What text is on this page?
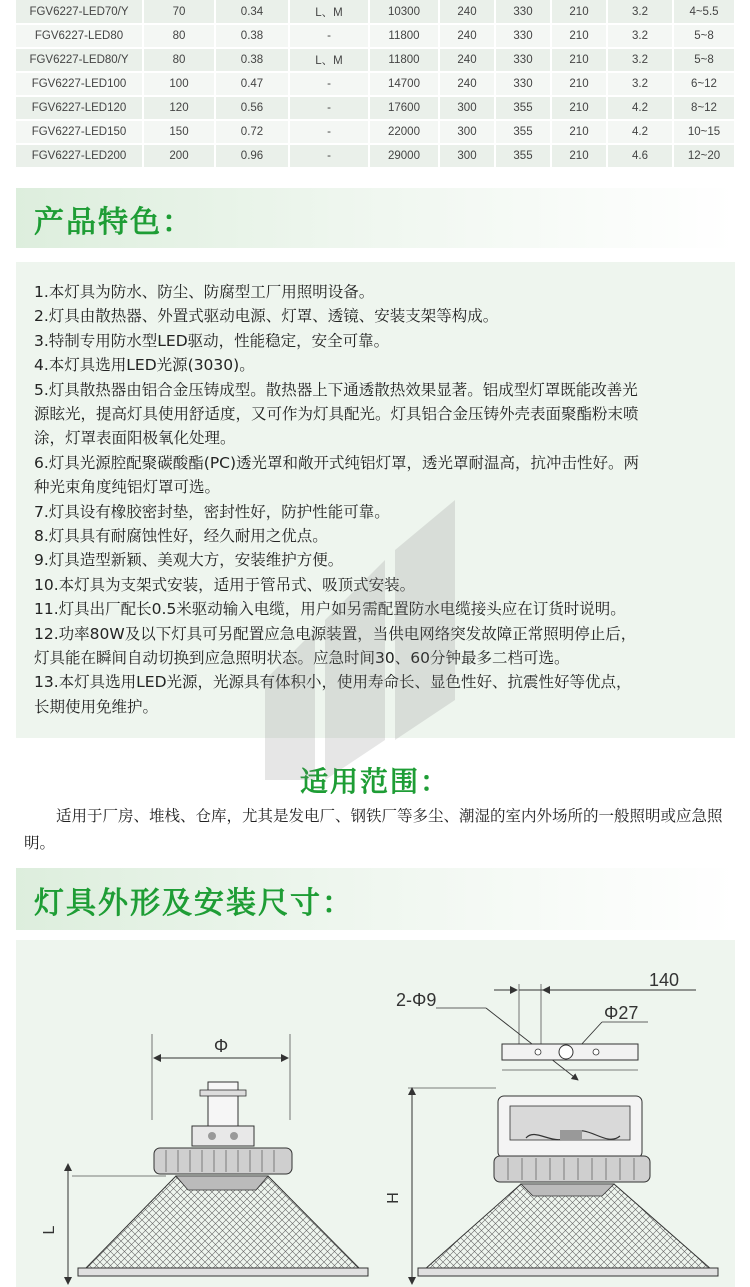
FGV6227-LED70/Y	70	0.34	L、M	10300	240	330	210	3.2	4~5.5
FGV6227-LED80	80	0.38	-	11800	240	330	210	3.2	5~8
FGV6227-LED80/Y	80	0.38	L、M	11800	240	330	210	3.2	5~8
FGV6227-LED100	100	0.47	-	14700	240	330	210	3.2	6~12
FGV6227-LED120	120	0.56	-	17600	300	355	210	4.2	8~12
FGV6227-LED150	150	0.72	-	22000	300	355	210	4.2	10~15
FGV6227-LED200	200	0.96	-	29000	300	355	210	4.6	12~20
产品特色：
1.本灯具为防水、防尘、防腐型工厂用照明设备。
2.灯具由散热器、外置式驱动电源、灯罩、透镜、安装支架等构成。
3.特制专用防水型LED驱动，性能稳定，安全可靠。
4.本灯具选用LED光源(3030)。
5.灯具散热器由铝合金压铸成型。散热器上下通透散热效果显著。铝成型灯罩既能改善光
源眩光，提高灯具使用舒适度，又可作为灯具配光。灯具铝合金压铸外壳表面聚酯粉末喷
涂，灯罩表面阳极氧化处理。
6.灯具光源腔配聚碳酸酯(PC)透光罩和敞开式纯铝灯罩，透光罩耐温高，抗冲击性好。两
种光束角度纯铝灯罩可选。
7.灯具设有橡胶密封垫，密封性好，防护性能可靠。
8.灯具具有耐腐蚀性好，经久耐用之优点。
9.灯具造型新颖、美观大方，安装维护方便。
10.本灯具为支架式安装，适用于管吊式、吸顶式安装。
11.灯具出厂配长0.5米驱动输入电缆，用户如另需配置防水电缆接头应在订货时说明。
12.功率80W及以下灯具可另配置应急电源装置，当供电网络突发故障正常照明停止后，
灯具能在瞬间自动切换到应急照明状态。应急时间30、60分钟最多二档可选。
13.本灯具选用LED光源，光源具有体积小，使用寿命长、显色性好、抗震性好等优点，
长期使用免维护。
适用范围：
适用于厂房、堆栈、仓库，尤其是发电厂、钢铁厂等多尘、潮湿的室内外场所的一般照明或应急照明。
灯具外形及安装尺寸：
Φ
L
2-Φ9
140
Φ27
H
